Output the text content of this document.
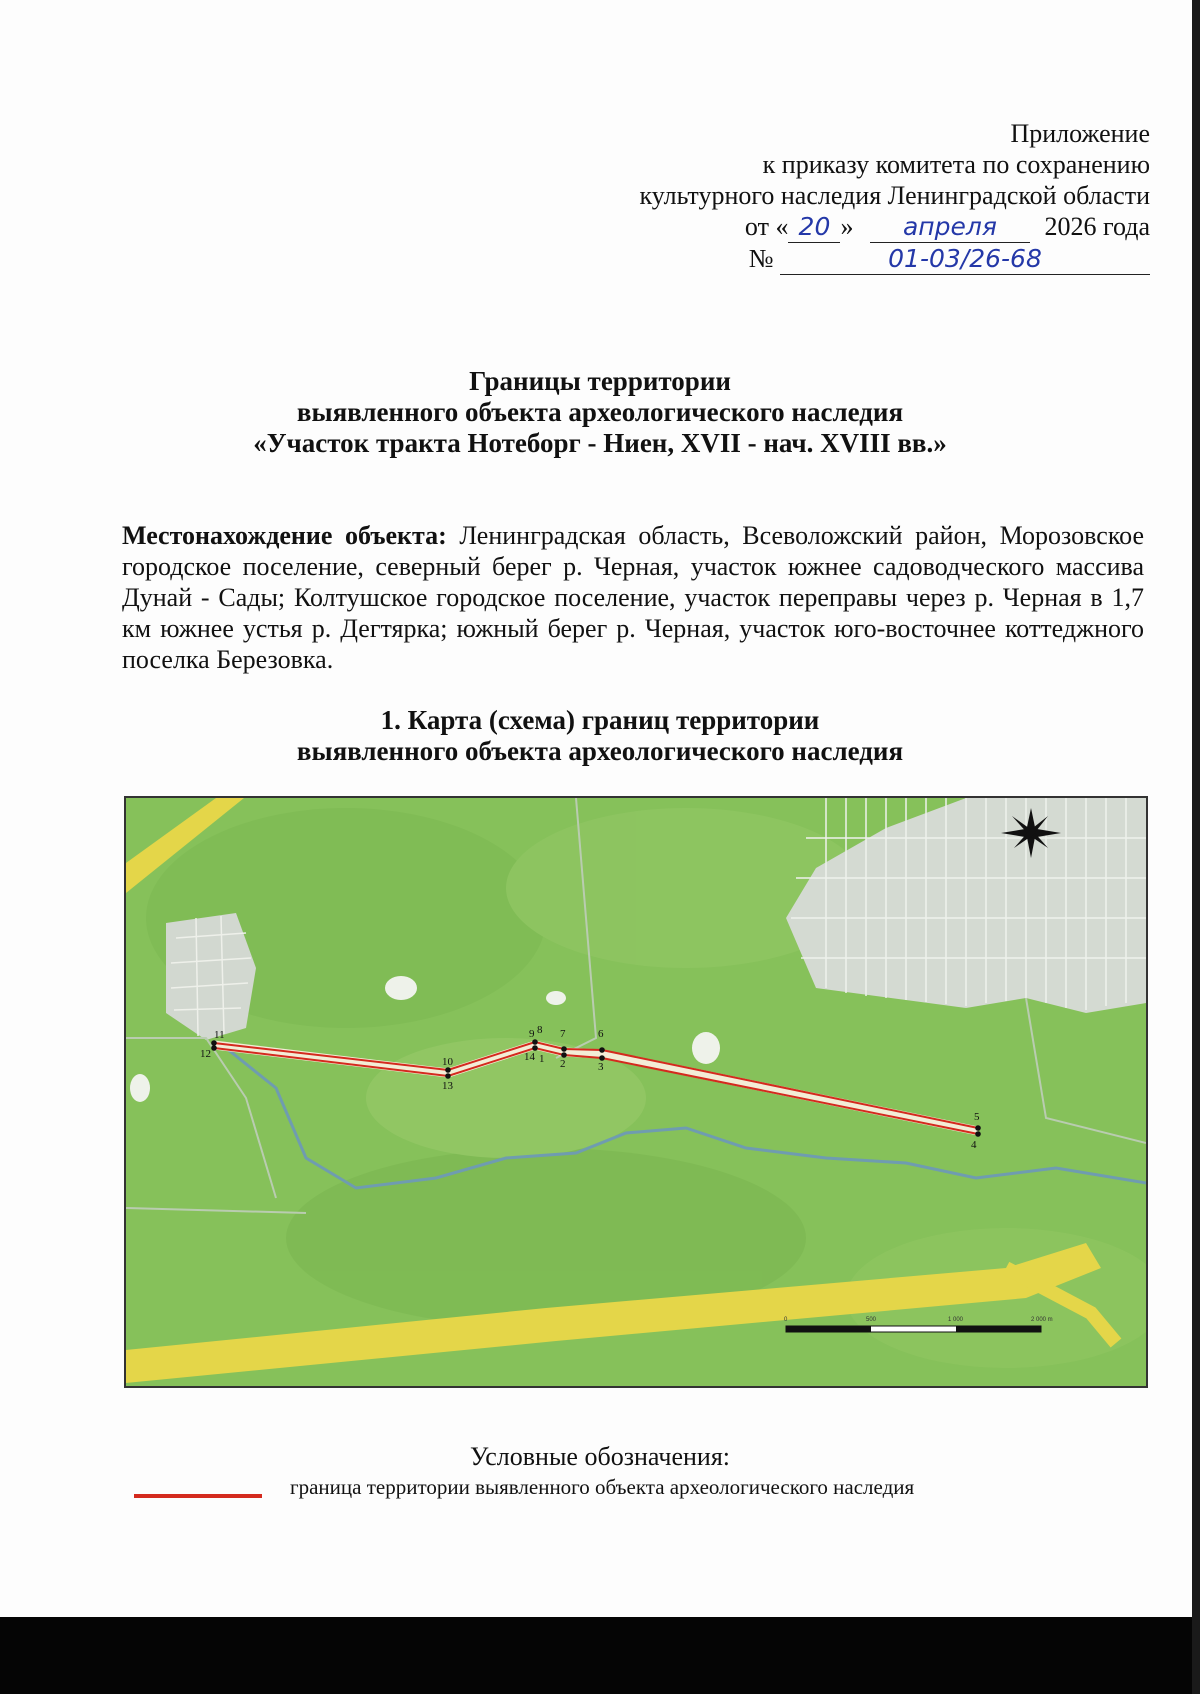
Приложение
к приказу комитета по сохранению
культурного наследия Ленинградской области
от « 20 » апреля 2026 года
№	01-03/26-68
Границы территории
выявленного объекта археологического наследия
«Участок тракта Нотеборг - Ниен, XVII - нач. XVIII вв.»
Местонахождение объекта: Ленинградская область, Всеволожский район, Морозовское городское поселение, северный берег р. Черная, участок южнее садоводческого массива Дунай - Сады; Колтушское городское поселение, участок переправы через р. Черная в 1,7 км южнее устья р. Дегтярка; южный берег р. Черная, участок юго-восточнее коттеджного поселка Березовка.
1. Карта (схема) границ территории
выявленного объекта археологического наследия
11
12
10
13
9 8
14 1
7
2
6
3
5
4
0	500	1 000	2 000 m
Условные обозначения:
граница территории выявленного объекта археологического наследия
